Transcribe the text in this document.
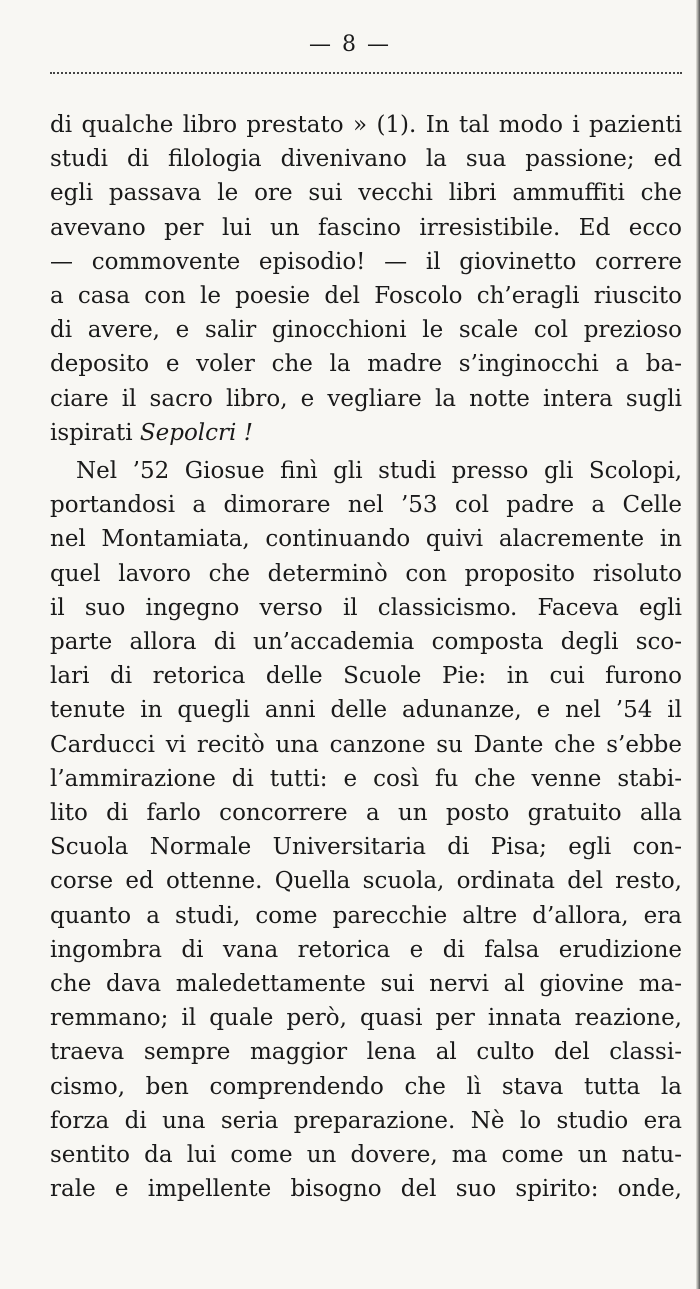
— 8 —
di qualche libro prestato » (1). In tal modo i pazienti
studi di filologia divenivano la sua passione; ed
egli passava le ore sui vecchi libri ammuffiti che
avevano per lui un fascino irresistibile. Ed ecco
— commovente episodio! — il giovinetto correre
a casa con le poesie del Foscolo ch’eragli riuscito
di avere, e salir ginocchioni le scale col prezioso
deposito e voler che la madre s’inginocchi a ba-
ciare il sacro libro, e vegliare la notte intera sugli
ispirati Sepolcri !
Nel ’52 Giosue finì gli studi presso gli Scolopi,
portandosi a dimorare nel ’53 col padre a Celle
nel Montamiata, continuando quivi alacremente in
quel lavoro che determinò con proposito risoluto
il suo ingegno verso il classicismo. Faceva egli
parte allora di un’accademia composta degli sco-
lari di retorica delle Scuole Pie: in cui furono
tenute in quegli anni delle adunanze, e nel ’54 il
Carducci vi recitò una canzone su Dante che s’ebbe
l’ammirazione di tutti: e così fu che venne stabi-
lito di farlo concorrere a un posto gratuito alla
Scuola Normale Universitaria di Pisa; egli con-
corse ed ottenne. Quella scuola, ordinata del resto,
quanto a studi, come parecchie altre d’allora, era
ingombra di vana retorica e di falsa erudizione
che dava maledettamente sui nervi al giovine ma-
remmano; il quale però, quasi per innata reazione,
traeva sempre maggior lena al culto del classi-
cismo, ben comprendendo che lì stava tutta la
forza di una seria preparazione. Nè lo studio era
sentito da lui come un dovere, ma come un natu-
rale e impellente bisogno del suo spirito: onde,
